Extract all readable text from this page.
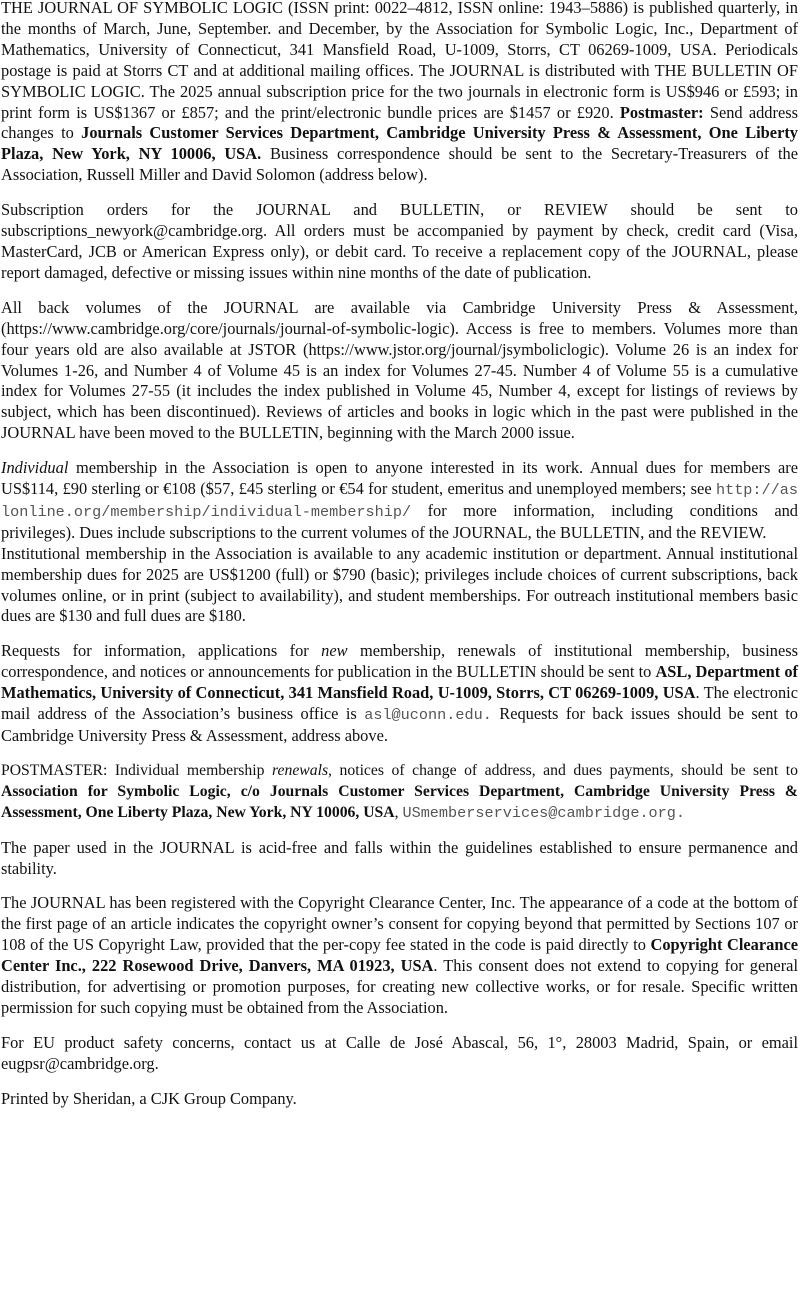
THE JOURNAL OF SYMBOLIC LOGIC (ISSN print: 0022–4812, ISSN online: 1943–5886) is published quarterly, in the months of March, June, September. and December, by the Association for Symbolic Logic, Inc., Department of Mathematics, University of Connecticut, 341 Mansfield Road, U-1009, Storrs, CT 06269-1009, USA. Periodicals postage is paid at Storrs CT and at additional mailing offices. The JOURNAL is distributed with THE BULLETIN OF SYMBOLIC LOGIC. The 2025 annual subscription price for the two journals in electronic form is US$946 or £593; in print form is US$1367 or £857; and the print/electronic bundle prices are $1457 or £920. Postmaster: Send address changes to Journals Customer Services Department, Cambridge University Press & Assessment, One Liberty Plaza, New York, NY 10006, USA. Business correspondence should be sent to the Secretary-Treasurers of the Association, Russell Miller and David Solomon (address below).

Subscription orders for the JOURNAL and BULLETIN, or REVIEW should be sent to subscriptions_newyork@cambridge.org. All orders must be accompanied by payment by check, credit card (Visa, MasterCard, JCB or American Express only), or debit card. To receive a replacement copy of the JOURNAL, please report damaged, defective or missing issues within nine months of the date of publication.

All back volumes of the JOURNAL are available via Cambridge University Press & Assessment, (https://www.cambridge.org/core/journals/journal-of-symbolic-logic). Access is free to members. Volumes more than four years old are also available at JSTOR (https://www.jstor.org/journal/jsymboliclogic). Volume 26 is an index for Volumes 1-26, and Number 4 of Volume 45 is an index for Volumes 27-45. Number 4 of Volume 55 is a cumulative index for Volumes 27-55 (it includes the index published in Volume 45, Number 4, except for listings of reviews by subject, which has been discontinued). Reviews of articles and books in logic which in the past were published in the JOURNAL have been moved to the BULLETIN, beginning with the March 2000 issue.

Individual membership in the Association is open to anyone interested in its work. Annual dues for members are US$114, £90 sterling or €108 ($57, £45 sterling or €54 for student, emeritus and unemployed members; see http://aslonline.org/membership/individual-membership/ for more information, including conditions and privileges). Dues include subscriptions to the current volumes of the JOURNAL, the BULLETIN, and the REVIEW.

Institutional membership in the Association is available to any academic institution or department. Annual institutional membership dues for 2025 are US$1200 (full) or $790 (basic); privileges include choices of current subscriptions, back volumes online, or in print (subject to availability), and student memberships. For outreach institutional members basic dues are $130 and full dues are $180.

Requests for information, applications for new membership, renewals of institutional membership, business correspondence, and notices or announcements for publication in the BULLETIN should be sent to ASL, Department of Mathematics, University of Connecticut, 341 Mansfield Road, U-1009, Storrs, CT 06269-1009, USA. The electronic mail address of the Association’s business office is asl@uconn.edu. Requests for back issues should be sent to Cambridge University Press & Assessment, address above.

POSTMASTER: Individual membership renewals, notices of change of address, and dues payments, should be sent to Association for Symbolic Logic, c/o Journals Customer Services Department, Cambridge University Press & Assessment, One Liberty Plaza, New York, NY 10006, USA, USmemberservices@cambridge.org.

The paper used in the JOURNAL is acid-free and falls within the guidelines established to ensure permanence and stability.

The JOURNAL has been registered with the Copyright Clearance Center, Inc. The appearance of a code at the bottom of the first page of an article indicates the copyright owner’s consent for copying beyond that permitted by Sections 107 or 108 of the US Copyright Law, provided that the per-copy fee stated in the code is paid directly to Copyright Clearance Center Inc., 222 Rosewood Drive, Danvers, MA 01923, USA. This consent does not extend to copying for general distribution, for advertising or promotion purposes, for creating new collective works, or for resale. Specific written permission for such copying must be obtained from the Association.

For EU product safety concerns, contact us at Calle de José Abascal, 56, 1°, 28003 Madrid, Spain, or email eugpsr@cambridge.org.

Printed by Sheridan, a CJK Group Company.
